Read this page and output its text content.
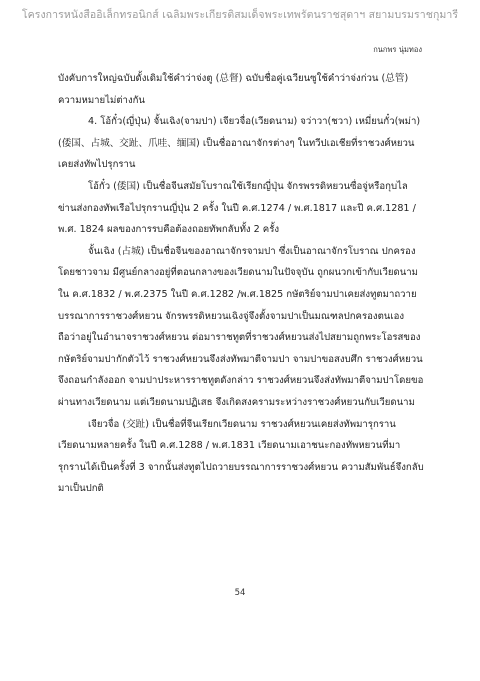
โครงการหนังสืออิเล็กทรอนิกส์ เฉลิมพระเกียรติสมเด็จพระเทพรัตนราชสุดาฯ สยามบรมราชกุมารี
กนกพร นุ่มทอง

บังคับการใหญ่ฉบับดั้งเดิมใช้คำว่าจ่งตู (总督) ฉบับชื่อคู่เฉวียนซูใช้คำว่าจ่งก่วน (总管) ความหมายไม่ต่างกัน

4. โอ้กั๋ว(ญี่ปุ่น) จั้นเฉิง(จามปา) เจียวจื่อ(เวียดนาม) จว่าวา(ชวา) เหมี่ยนกั๋ว(พม่า) (倭国、占城、交趾、爪哇、缅国) เป็นชื่ออาณาจักรต่างๆ ในทวีปเอเชียที่ราชวงศ์หยวนเคยส่งทัพไปรุกราน

โอ้กั๋ว (倭国) เป็นชื่อจีนสมัยโบราณใช้เรียกญี่ปุ่น จักรพรรดิหยวนซื่อจู่หรือกุบไลข่านส่งกองทัพเรือไปรุกรานญี่ปุ่น 2 ครั้ง ในปี ค.ศ.1274 / พ.ศ.1817 และปี ค.ศ.1281 / พ.ศ. 1824 ผลของการรบคือต้องถอยทัพกลับทั้ง 2 ครั้ง

จั้นเฉิง (占城) เป็นชื่อจีนของอาณาจักรจามปา ซึ่งเป็นอาณาจักรโบราณ ปกครองโดยชาวจาม มีศูนย์กลางอยู่ที่ตอนกลางของเวียดนามในปัจจุบัน ถูกผนวกเข้ากับเวียดนามใน ค.ศ.1832 / พ.ศ.2375 ในปี ค.ศ.1282 /พ.ศ.1825 กษัตริย์จามปาเคยส่งทูตมาถวายบรรณาการราชวงศ์หยวน จักรพรรดิหยวนเฉิงจู่จึงตั้งจามปาเป็นมณฑลปกครองตนเอง ถือว่าอยู่ในอำนาจราชวงศ์หยวน ต่อมาราชทูตที่ราชวงศ์หยวนส่งไปสยามถูกพระโอรสของกษัตริย์จามปากักตัวไว้ ราชวงศ์หยวนจึงส่งทัพมาตีจามปา จามปาขอสงบศึก ราชวงศ์หยวนจึงถอนกำลังออก จามปาประหารราชทูตดังกล่าว ราชวงศ์หยวนจึงส่งทัพมาตีจามปาโดยขอผ่านทางเวียดนาม แต่เวียดนามปฏิเสธ จึงเกิดสงครามระหว่างราชวงศ์หยวนกับเวียดนาม

เจียวจื่อ (交趾) เป็นชื่อที่จีนเรียกเวียดนาม ราชวงศ์หยวนเคยส่งทัพมารุกรานเวียดนามหลายครั้ง ในปี ค.ศ.1288 / พ.ศ.1831 เวียดนามเอาชนะกองทัพหยวนที่มารุกรานได้เป็นครั้งที่ 3 จากนั้นส่งทูตไปถวายบรรณาการราชวงศ์หยวน ความสัมพันธ์จึงกลับมาเป็นปกติ

54
